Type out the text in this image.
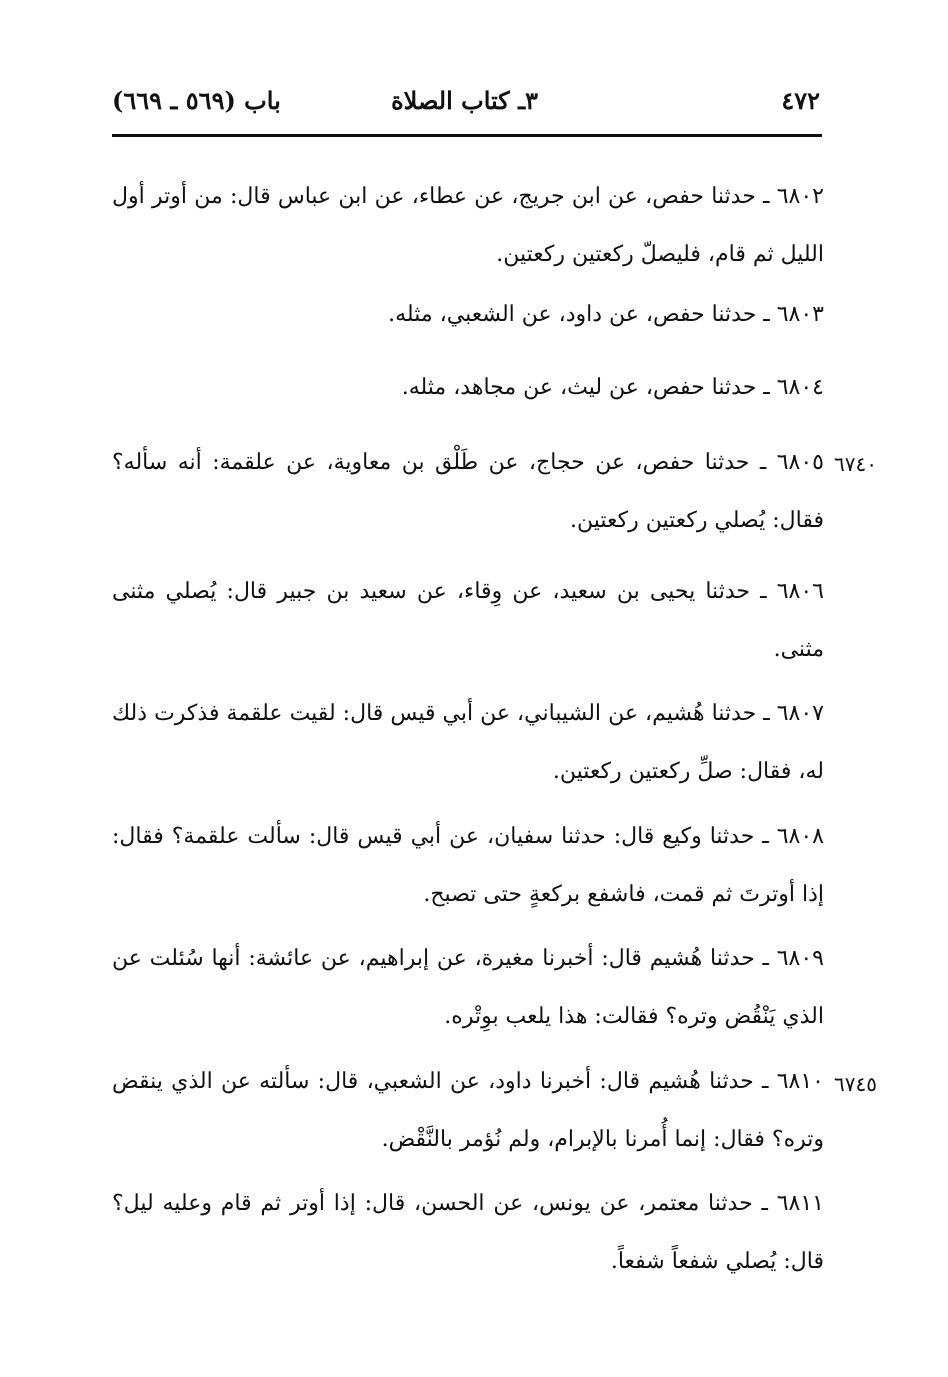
٤٧٢
٣ـ كتاب الصلاة
باب (٥٦٩ ـ ٦٦٩)
٦٨٠٢ ـ حدثنا حفص، عن ابن جريج، عن عطاء، عن ابن عباس قال: من أوتر أول الليل ثم قام، فليصلّ ركعتين ركعتين.
٦٨٠٣ ـ حدثنا حفص، عن داود، عن الشعبي، مثله.
٦٨٠٤ ـ حدثنا حفص، عن ليث، عن مجاهد، مثله.
٦٨٠٥ ـ حدثنا حفص، عن حجاج، عن طَلْق بن معاوية، عن علقمة: أنه سأله؟ فقال: يُصلي ركعتين ركعتين.
٦٧٤٠
٦٨٠٦ ـ حدثنا يحيى بن سعيد، عن وِقاء، عن سعيد بن جبير قال: يُصلي مثنى مثنى.
٦٨٠٧ ـ حدثنا هُشيم، عن الشيباني، عن أبي قيس قال: لقيت علقمة فذكرت ذلك له، فقال: صلِّ ركعتين ركعتين.
٦٨٠٨ ـ حدثنا وكيع قال: حدثنا سفيان، عن أبي قيس قال: سألت علقمة؟ فقال: إذا أوترتَ ثم قمت، فاشفع بركعةٍ حتى تصبح.
٦٨٠٩ ـ حدثنا هُشيم قال: أخبرنا مغيرة، عن إبراهيم، عن عائشة: أنها سُئلت عن الذي يَنْقُض وتره؟ فقالت: هذا يلعب بوِتْره.
٦٨١٠ ـ حدثنا هُشيم قال: أخبرنا داود، عن الشعبي، قال: سألته عن الذي ينقض وتره؟ فقال: إنما أُمرنا بالإبرام، ولم نُؤمر بالنَّقْض.
٦٧٤٥
٦٨١١ ـ حدثنا معتمر، عن يونس، عن الحسن، قال: إذا أوتر ثم قام وعليه ليل؟ قال: يُصلي شفعاً شفعاً.
